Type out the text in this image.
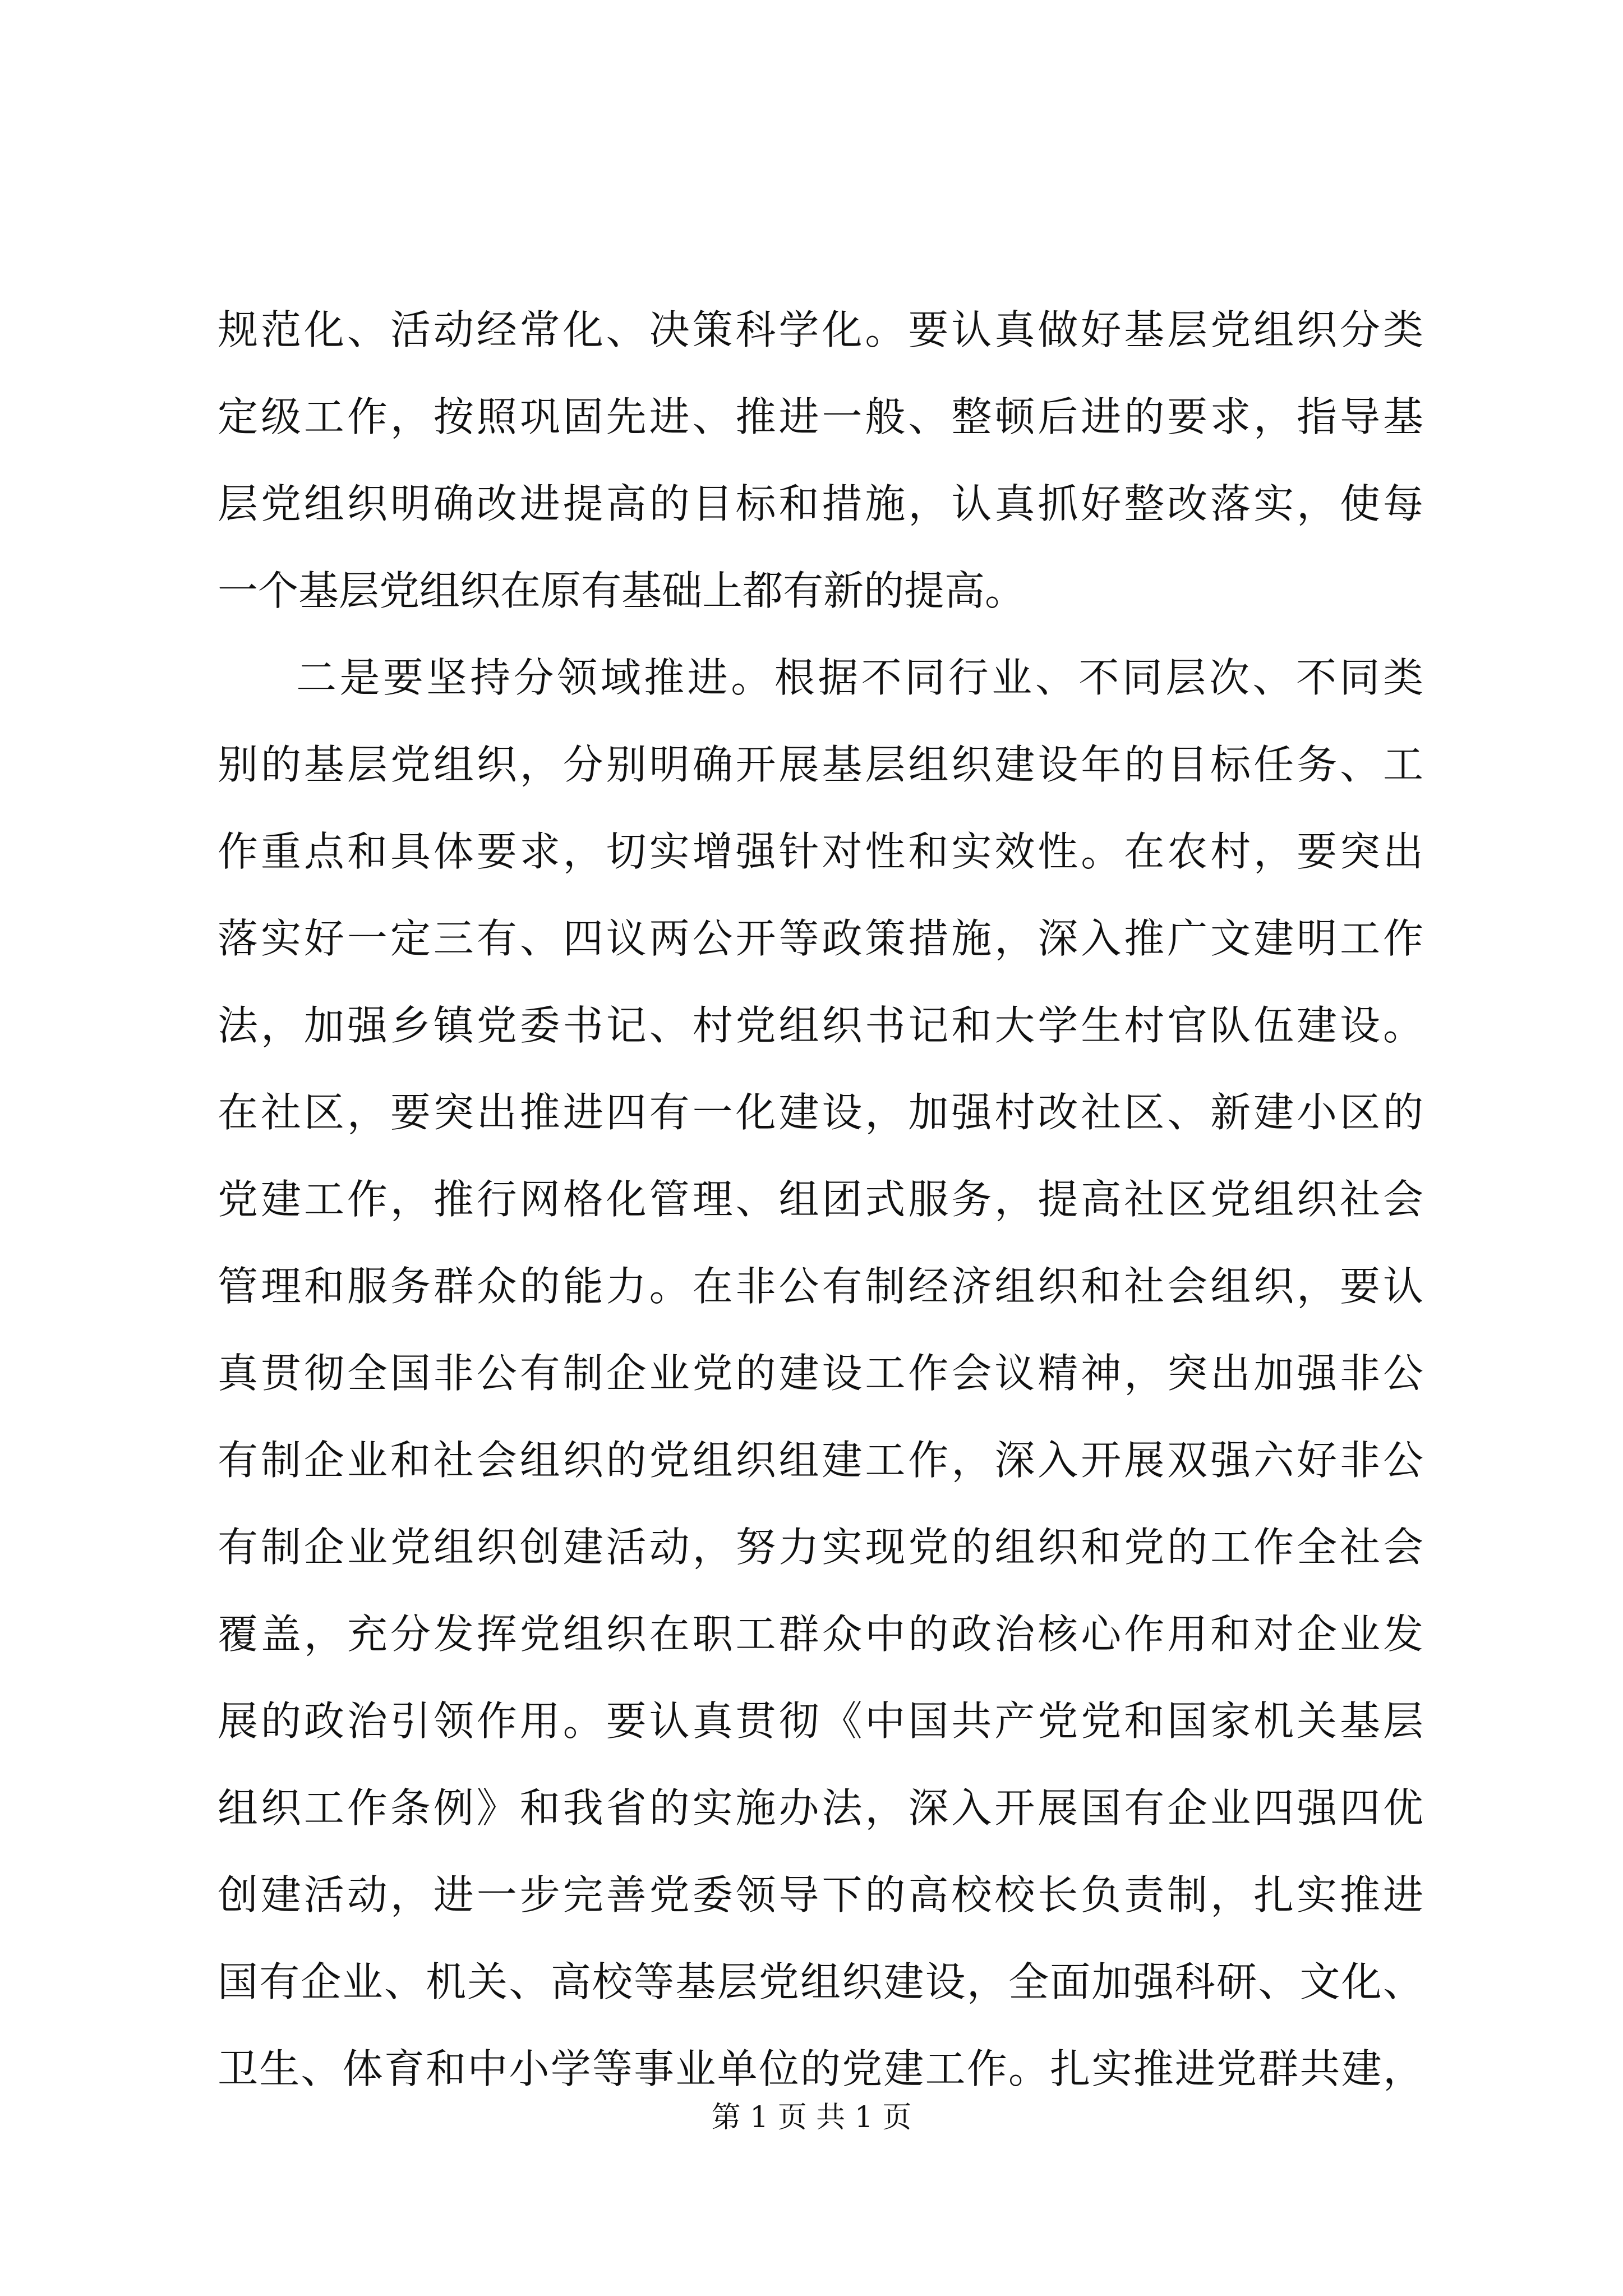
规范化、活动经常化、决策科学化。要认真做好基层党组织分类
定级工作，按照巩固先进、推进一般、整顿后进的要求，指导基
层党组织明确改进提高的目标和措施，认真抓好整改落实，使每
一个基层党组织在原有基础上都有新的提高。
二是要坚持分领域推进。根据不同行业、不同层次、不同类
别的基层党组织，分别明确开展基层组织建设年的目标任务、工
作重点和具体要求，切实增强针对性和实效性。在农村，要突出
落实好一定三有、四议两公开等政策措施，深入推广文建明工作
法，加强乡镇党委书记、村党组织书记和大学生村官队伍建设。
在社区，要突出推进四有一化建设，加强村改社区、新建小区的
党建工作，推行网格化管理、组团式服务，提高社区党组织社会
管理和服务群众的能力。在非公有制经济组织和社会组织，要认
真贯彻全国非公有制企业党的建设工作会议精神，突出加强非公
有制企业和社会组织的党组织组建工作，深入开展双强六好非公
有制企业党组织创建活动，努力实现党的组织和党的工作全社会
覆盖，充分发挥党组织在职工群众中的政治核心作用和对企业发
展的政治引领作用。要认真贯彻《中国共产党党和国家机关基层
组织工作条例》和我省的实施办法，深入开展国有企业四强四优
创建活动，进一步完善党委领导下的高校校长负责制，扎实推进
国有企业、机关、高校等基层党组织建设，全面加强科研、文化、
卫生、体育和中小学等事业单位的党建工作。扎实推进党群共建，
第 1 页 共 1 页
